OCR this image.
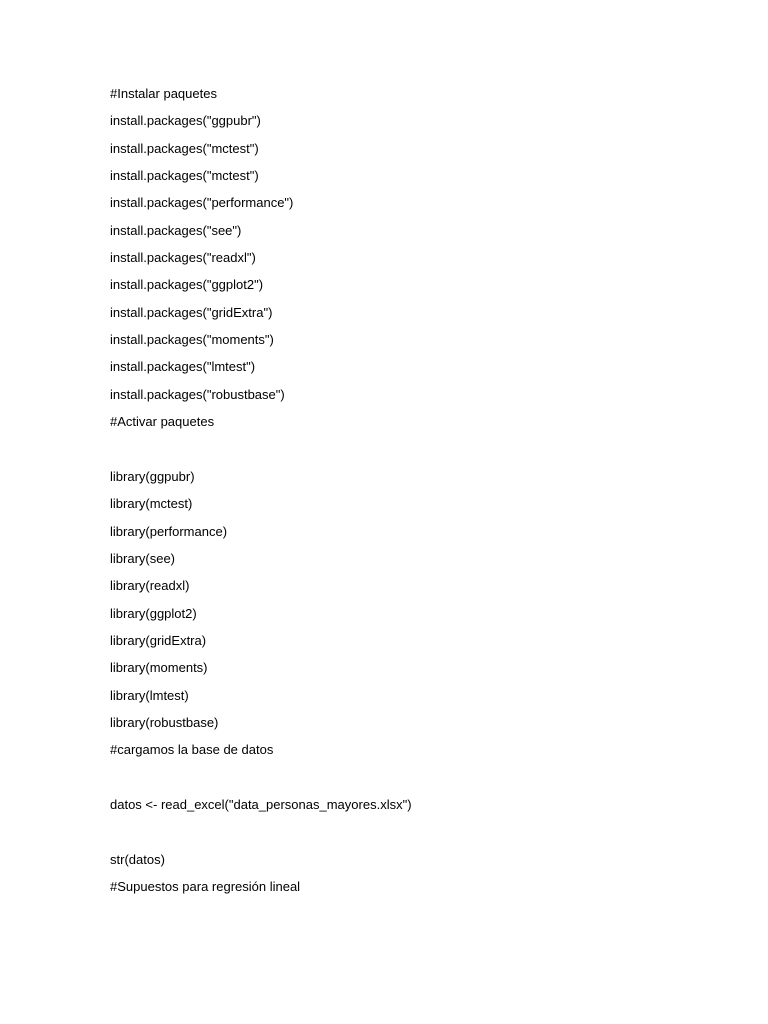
#Instalar paquetes
install.packages("ggpubr")
install.packages("mctest")
install.packages("mctest")
install.packages("performance")
install.packages("see")
install.packages("readxl")
install.packages("ggplot2")
install.packages("gridExtra")
install.packages("moments")
install.packages("lmtest")
install.packages("robustbase")
#Activar paquetes
library(ggpubr)
library(mctest)
library(performance)
library(see)
library(readxl)
library(ggplot2)
library(gridExtra)
library(moments)
library(lmtest)
library(robustbase)
#cargamos la base de datos
datos <- read_excel("data_personas_mayores.xlsx")
str(datos)
#Supuestos para regresión lineal
